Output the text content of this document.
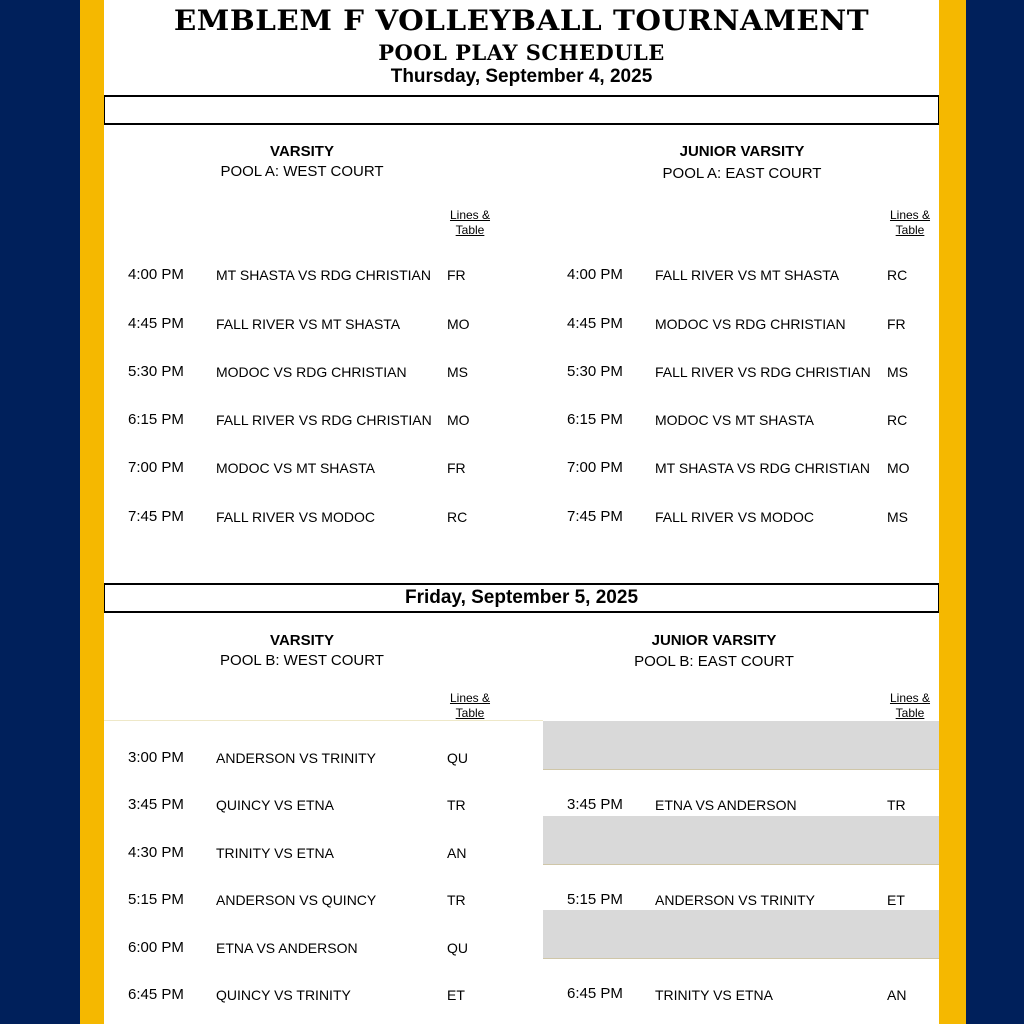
EMBLEM F VOLLEYBALL TOURNAMENT
POOL PLAY SCHEDULE
Thursday, September 4, 2025
VARSITY
POOL A: WEST COURT
JUNIOR VARSITY
POOL A: EAST COURT
Lines &
Table
Lines &
Table
4:00 PM MT SHASTA VS RDG CHRISTIAN FR
4:45 PM FALL RIVER VS MT SHASTA	MO
5:30 PM MODOC VS RDG CHRISTIAN	MS
6:15 PM FALL RIVER VS RDG CHRISTIAN MO
7:00 PM MODOC VS MT SHASTA	FR
7:45 PM FALL RIVER VS MODOC	RC
4:00 PM FALL RIVER VS MT SHASTA	RC
4:45 PM MODOC VS RDG CHRISTIAN	FR
5:30 PM FALL RIVER VS RDG CHRISTIAN MS
6:15 PM MODOC VS MT SHASTA	RC
7:00 PM MT SHASTA VS RDG CHRISTIAN MO
7:45 PM FALL RIVER VS MODOC	MS
Friday, September 5, 2025
VARSITY
POOL B: WEST COURT
JUNIOR VARSITY
POOL B: EAST COURT
Lines &
Table
Lines &
Table
3:00 PM ANDERSON VS TRINITY	QU
3:45 PM QUINCY VS ETNA	TR
4:30 PM TRINITY VS ETNA	AN
5:15 PM ANDERSON VS QUINCY	TR
6:00 PM ETNA VS ANDERSON	QU
6:45 PM QUINCY VS TRINITY	ET
3:45 PM ETNA VS ANDERSON	TR
5:15 PM ANDERSON VS TRINITY	ET
6:45 PM TRINITY VS ETNA	AN
